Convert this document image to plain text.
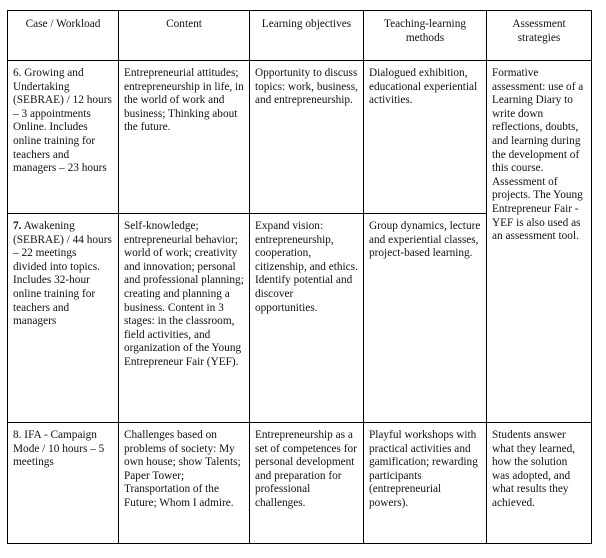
Case / Workload	Content	Learning objectives	Teaching-learning methods	Assessment strategies
6. Growing and Undertaking (SEBRAE) / 12 hours – 3 appointments Online. Includes online training for teachers and managers – 23 hours	Entrepreneurial attitudes; entrepreneurship in life, in the world of work and business; Thinking about the future.	Opportunity to discuss topics: work, business, and entrepreneurship.	Dialogued exhibition, educational experiential activities.	Formative assessment: use of a Learning Diary to write down reflections, doubts, and learning during the development of this course. Assessment of projects. The Young Entrepreneur Fair - YEF is also used as an assessment tool.
7. Awakening (SEBRAE) / 44 hours – 22 meetings divided into topics. Includes 32-hour online training for teachers and managers	Self-knowledge; entrepreneurial behavior; world of work; creativity and innovation; personal and professional planning; creating and planning a business. Content in 3 stages: in the classroom, field activities, and organization of the Young Entrepreneur Fair (YEF).	Expand vision: entrepreneurship, cooperation, citizenship, and ethics. Identify potential and discover opportunities.	Group dynamics, lecture and experiential classes, project-based learning.	
8. IFA - Campaign Mode / 10 hours – 5 meetings	Challenges based on problems of society: My own house; show Talents; Paper Tower; Transportation of the Future; Whom I admire.	Entrepreneurship as a set of competences for personal development and preparation for professional challenges.	Playful workshops with practical activities and gamification; rewarding participants (entrepreneurial powers).	Students answer what they learned, how the solution was adopted, and what results they achieved.
